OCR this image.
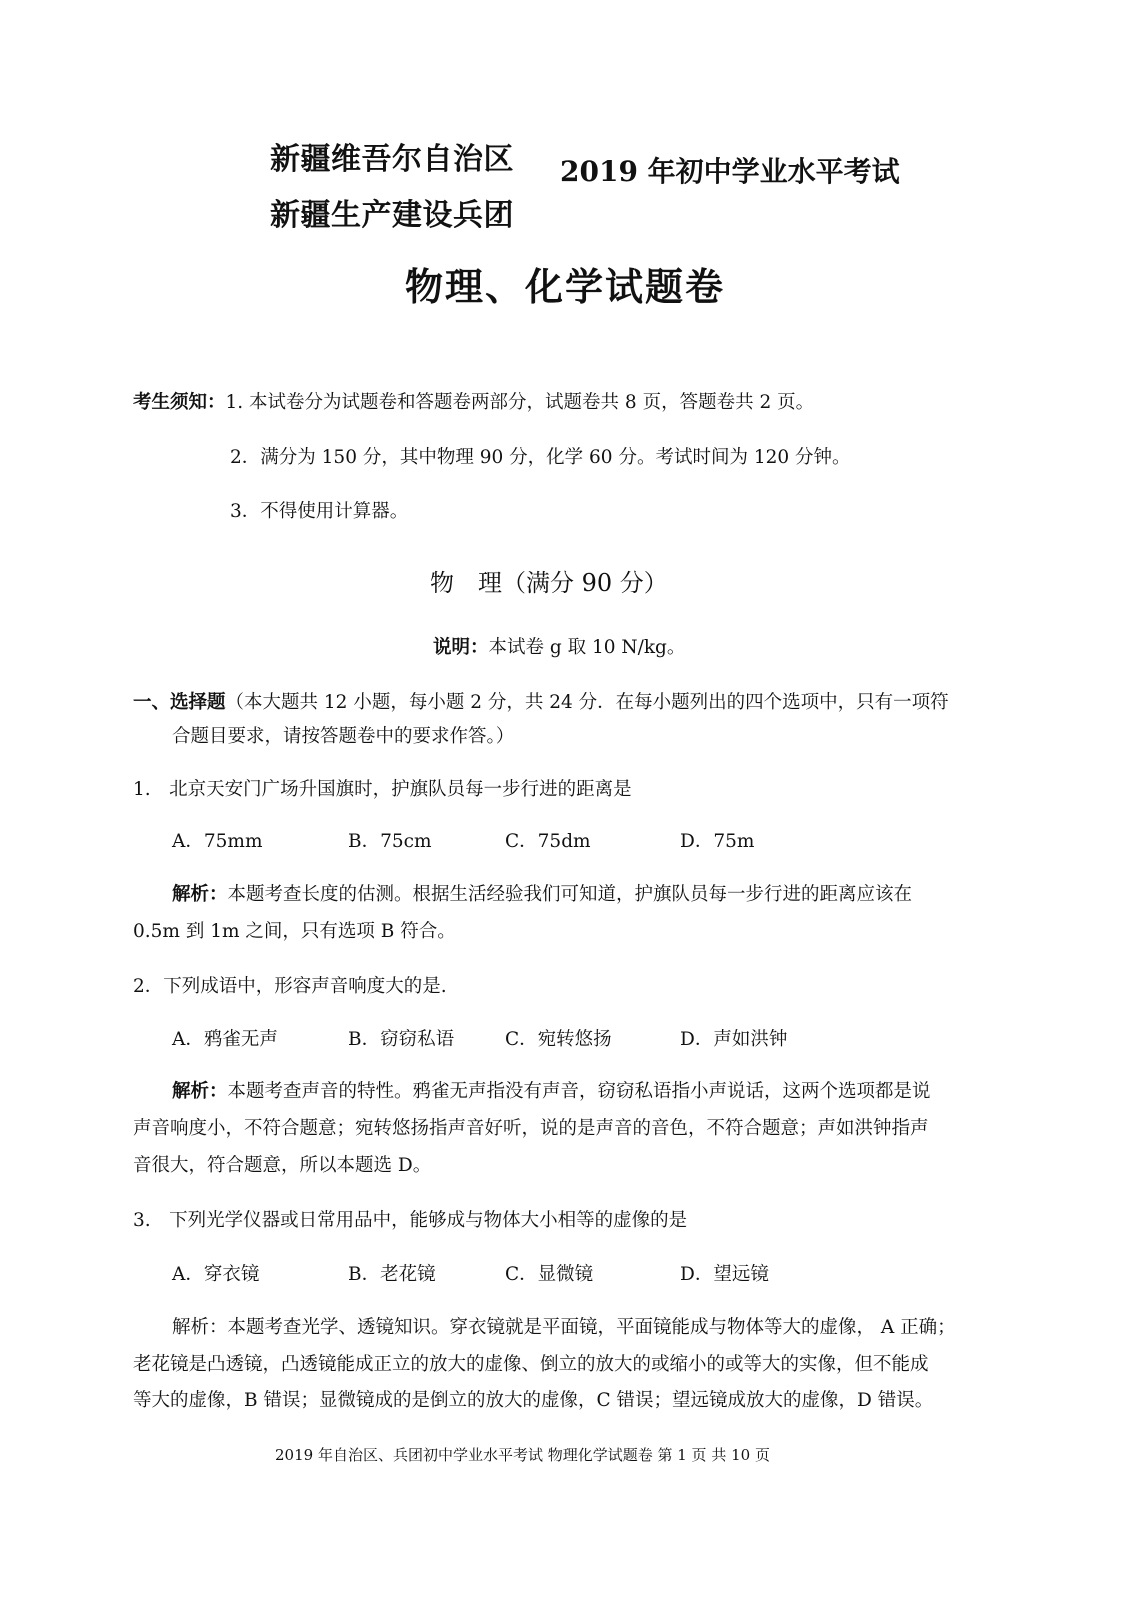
新疆维吾尔自治区
新疆生产建设兵团
2019 年初中学业水平考试
物理、化学试题卷
考生须知：1. 本试卷分为试题卷和答题卷两部分，试题卷共 8 页，答题卷共 2 页。
2．满分为 150 分，其中物理 90 分，化学 60 分。考试时间为 120 分钟。
3．不得使用计算器。
物　理（满分 90 分）
说明：本试卷 g 取 10 N/kg。
一、选择题（本大题共 12 小题，每小题 2 分，共 24 分．在每小题列出的四个选项中，只有一项符
合题目要求，请按答题卷中的要求作答。）
1.　北京天安门广场升国旗时，护旗队员每一步行进的距离是
A．75mm	B．75cm	C．75dm	D．75m
解析：本题考查长度的估测。根据生活经验我们可知道，护旗队员每一步行进的距离应该在
0.5m 到 1m 之间，只有选项 B 符合。
2．下列成语中，形容声音响度大的是.
A．鸦雀无声	B．窃窃私语	C．宛转悠扬	D．声如洪钟
解析：本题考查声音的特性。鸦雀无声指没有声音，窃窃私语指小声说话，这两个选项都是说
声音响度小，不符合题意；宛转悠扬指声音好听，说的是声音的音色，不符合题意；声如洪钟指声
音很大，符合题意，所以本题选 D。
3.　下列光学仪器或日常用品中，能够成与物体大小相等的虚像的是
A．穿衣镜	B．老花镜	C．显微镜	D．望远镜
解析：本题考查光学、透镜知识。穿衣镜就是平面镜，平面镜能成与物体等大的虚像， A 正确；
老花镜是凸透镜，凸透镜能成正立的放大的虚像、倒立的放大的或缩小的或等大的实像，但不能成
等大的虚像，B 错误；显微镜成的是倒立的放大的虚像，C 错误；望远镜成放大的虚像，D 错误。
2019 年自治区、兵团初中学业水平考试 物理化学试题卷 第 1 页 共 10 页
